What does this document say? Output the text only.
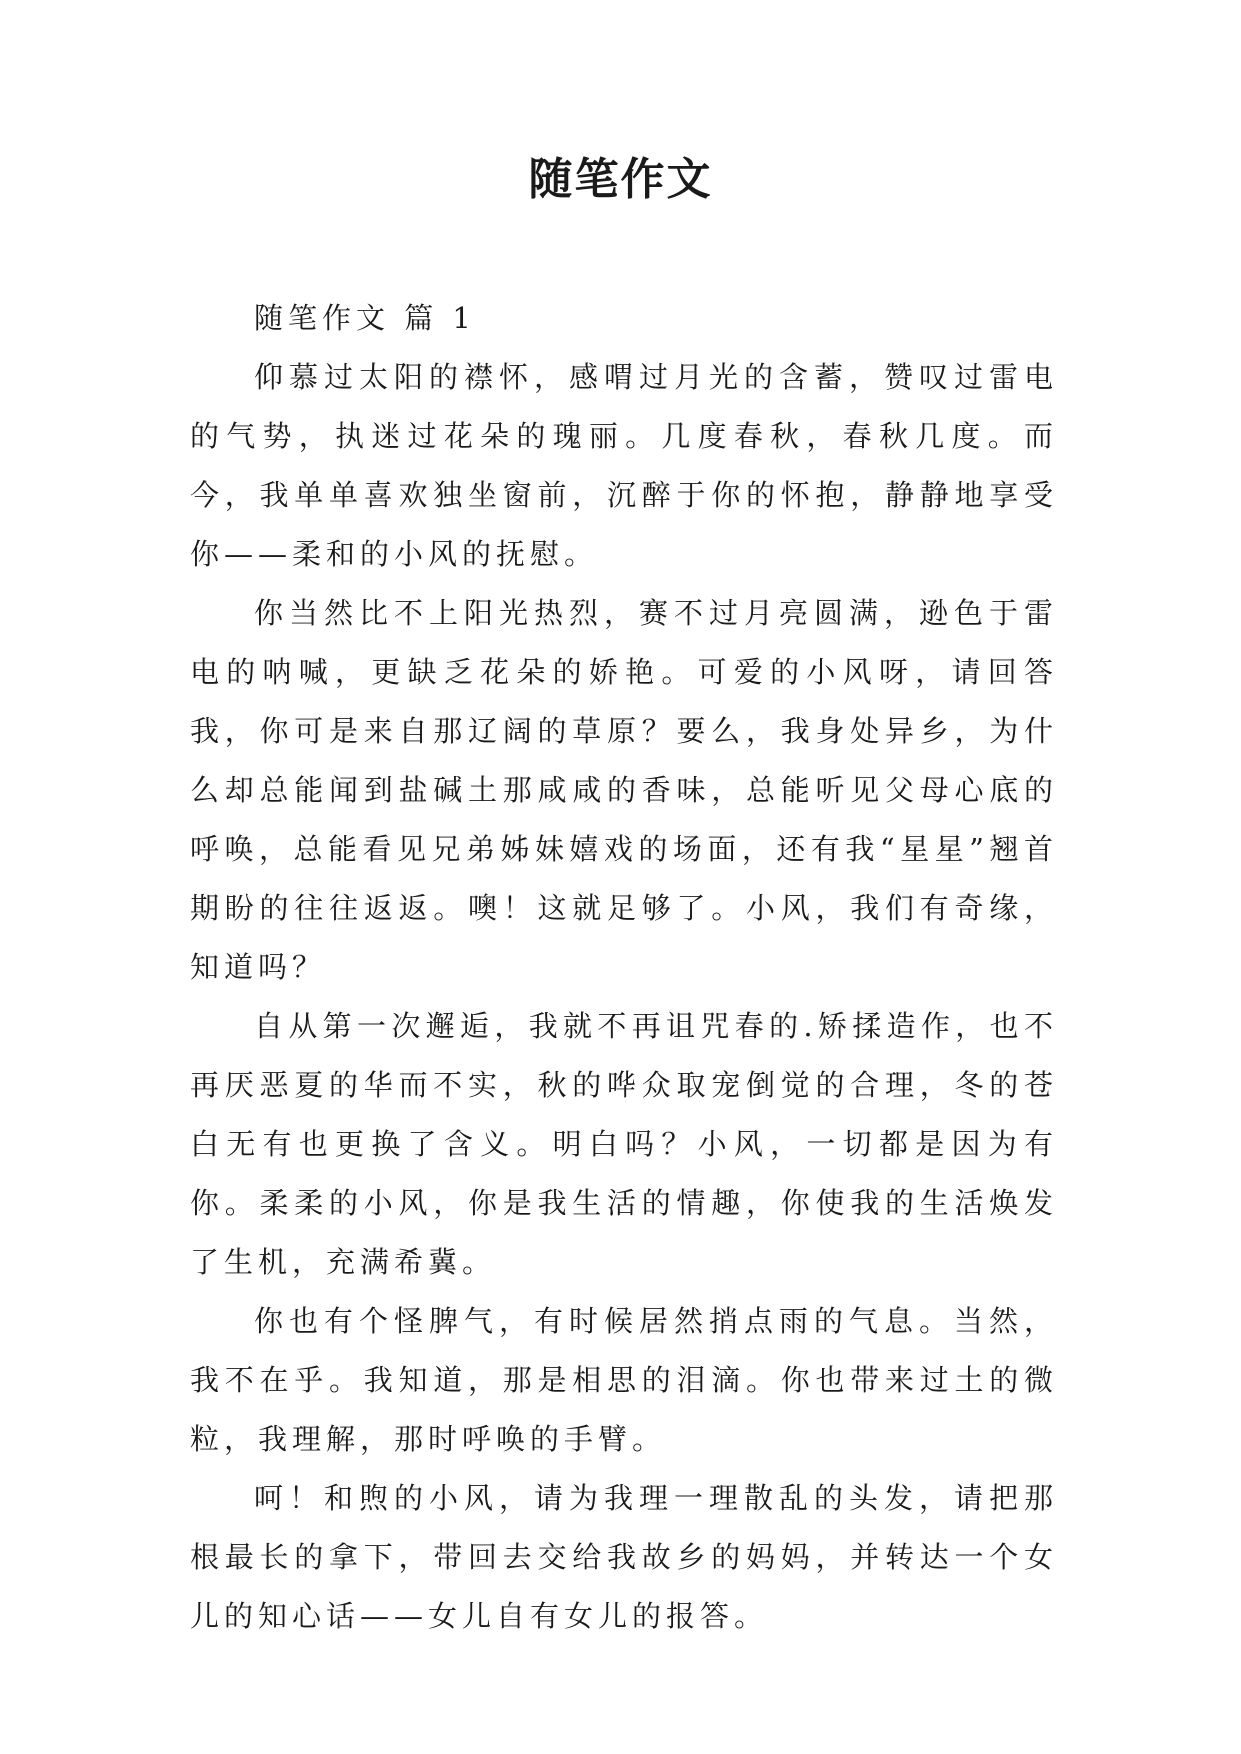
随笔作文
随笔作文 篇 1

仰慕过太阳的襟怀，感喟过月光的含蓄，赞叹过雷电的气势，执迷过花朵的瑰丽。几度春秋，春秋几度。而今，我单单喜欢独坐窗前，沉醉于你的怀抱，静静地享受你——柔和的小风的抚慰。

你当然比不上阳光热烈，赛不过月亮圆满，逊色于雷电的呐喊，更缺乏花朵的娇艳。可爱的小风呀，请回答我，你可是来自那辽阔的草原？要么，我身处异乡，为什么却总能闻到盐碱土那咸咸的香味，总能听见父母心底的呼唤，总能看见兄弟姊妹嬉戏的场面，还有我“星星”翘首期盼的往往返返。噢！这就足够了。小风，我们有奇缘，知道吗？

自从第一次邂逅，我就不再诅咒春的.矫揉造作，也不再厌恶夏的华而不实，秋的哗众取宠倒觉的合理，冬的苍白无有也更换了含义。明白吗？小风，一切都是因为有你。柔柔的小风，你是我生活的情趣，你使我的生活焕发了生机，充满希冀。

你也有个怪脾气，有时候居然捎点雨的气息。当然，我不在乎。我知道，那是相思的泪滴。你也带来过土的微粒，我理解，那时呼唤的手臂。

呵！和煦的小风，请为我理一理散乱的头发，请把那根最长的拿下，带回去交给我故乡的妈妈，并转达一个女儿的知心话——女儿自有女儿的报答。
